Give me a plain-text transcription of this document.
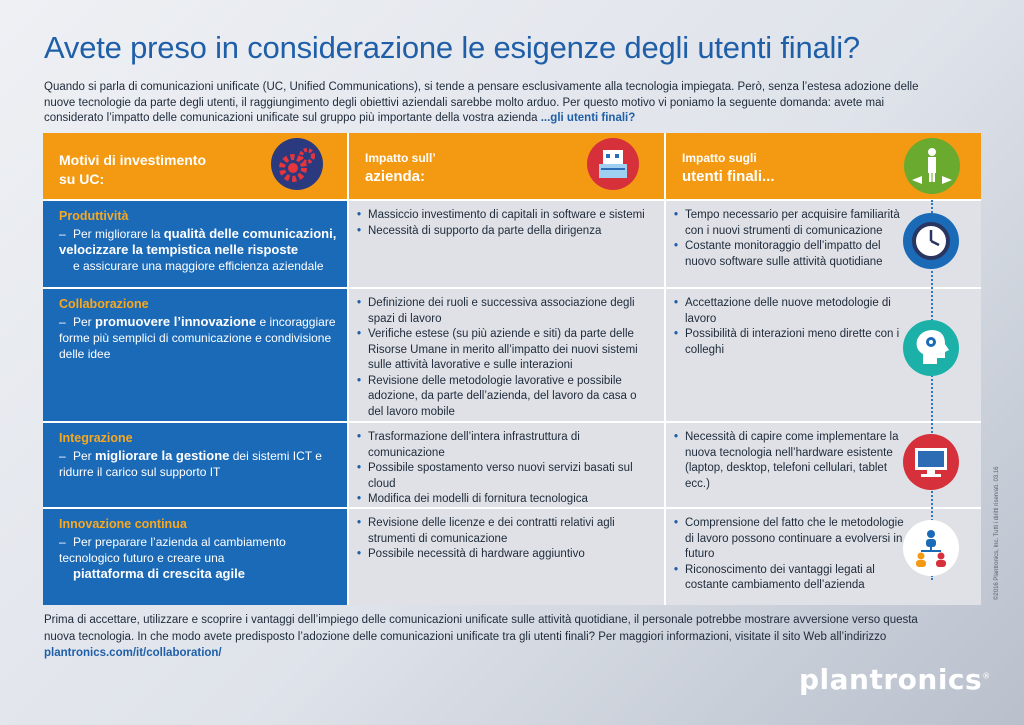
Avete preso in considerazione le esigenze degli utenti finali?

Quando si parla di comunicazioni unificate (UC, Unified Communications), si tende a pensare esclusivamente alla tecnologia impiegata. Però, senza l’estesa adozione delle nuove tecnologie da parte degli utenti, il raggiungimento degli obiettivi aziendali sarebbe molto arduo. Per questo motivo vi poniamo la seguente domanda: avete mai considerato l’impatto delle comunicazioni unificate sul gruppo più importante della vostra azienda ...gli utenti finali?

Motivi di investimento
su UC:
Impatto sull’
azienda:
Impatto sugli
utenti finali...
Produttività
– Per migliorare la qualità delle comunicazioni, velocizzare la tempistica nelle risposte
e assicurare una maggiore efficienza aziendale
• Massiccio investimento di capitali in software e sistemi
• Necessità di supporto da parte della dirigenza
• Tempo necessario per acquisire familiarità con i nuovi strumenti di comunicazione
• Costante monitoraggio dell’impatto del nuovo software sulle attività quotidiane
Collaborazione
– Per promuovere l’innovazione e incoraggiare forme più semplici di comunicazione e condivisione delle idee
• Definizione dei ruoli e successiva associazione degli spazi di lavoro
• Verifiche estese (su più aziende e siti) da parte delle Risorse Umane in merito all’impatto dei nuovi sistemi sulle attività lavorative e sulle interazioni
• Revisione delle metodologie lavorative e possibile adozione, da parte dell’azienda, del lavoro da casa o del lavoro mobile
• Accettazione delle nuove metodologie di lavoro
• Possibilità di interazioni meno dirette con i colleghi
Integrazione
– Per migliorare la gestione dei sistemi ICT e ridurre il carico sul supporto IT
• Trasformazione dell’intera infrastruttura di comunicazione
• Possibile spostamento verso nuovi servizi basati sul cloud
• Modifica dei modelli di fornitura tecnologica
• Necessità di capire come implementare la nuova tecnologia nell’hardware esistente (laptop, desktop, telefoni cellulari, tablet ecc.)
Innovazione continua
– Per preparare l’azienda al cambiamento tecnologico futuro e creare una
piattaforma di crescita agile
• Revisione delle licenze e dei contratti relativi agli strumenti di comunicazione
• Possibile necessità di hardware aggiuntivo
• Comprensione del fatto che le metodologie di lavoro possono continuare a evolversi in futuro
• Riconoscimento dei vantaggi legati al costante cambiamento dell’azienda

Prima di accettare, utilizzare e scoprire i vantaggi dell’impiego delle comunicazioni unificate sulle attività quotidiane, il personale potrebbe mostrare avversione verso questa nuova tecnologia. In che modo avete predisposto l’adozione delle comunicazioni unificate tra gli utenti finali? Per maggiori informazioni, visitate il sito Web all’indirizzo plantronics.com/it/collaboration/

plantronics®
©2016 Plantronics, Inc. Tutti i diritti riservati. 03.16
